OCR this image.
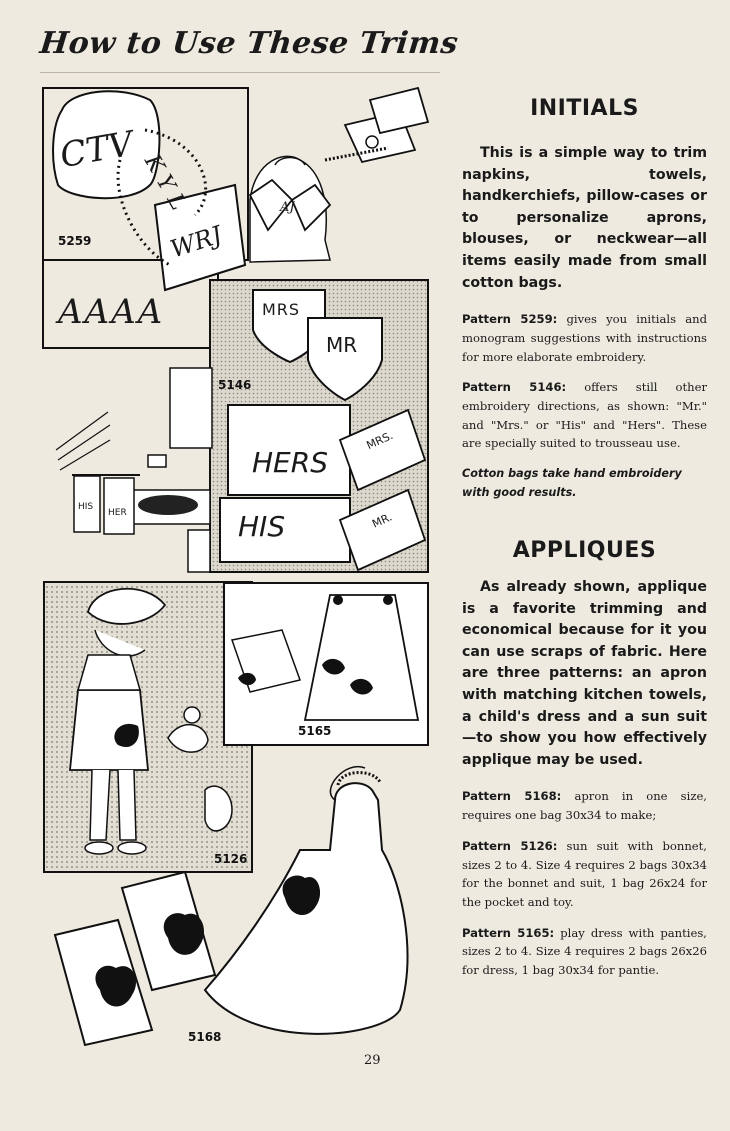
How to Use These Trims
CTV
K Y L
WRJ
AAAA
AJ
MRS
MR
HERS
HIS
MRS.
MR.
HIS
HER
5259
5146
5165
5126
5168
INITIALS

This is a simple way to trim napkins, towels, handkerchiefs, pillow-cases or to personalize aprons, blouses, or neckwear—all items easily made from small cotton bags.

Pattern 5259: gives you initials and monogram suggestions with instructions for more elaborate embroidery.

Pattern 5146: offers still other embroidery directions, as shown: "Mr." and "Mrs." or "His" and "Hers". These are specially suited to trousseau use.

Cotton bags take hand embroidery with good results.

APPLIQUES

As already shown, applique is a favorite trimming and economical because for it you can use scraps of fabric. Here are three patterns: an apron with matching kitchen towels, a child's dress and a sun suit—to show you how effectively applique may be used.

Pattern 5168: apron in one size, requires one bag 30x34 to make;

Pattern 5126: sun suit with bonnet, sizes 2 to 4. Size 4 requires 2 bags 30x34 for the bonnet and suit, 1 bag 26x24 for the pocket and toy.

Pattern 5165: play dress with panties, sizes 2 to 4. Size 4 requires 2 bags 26x26 for dress, 1 bag 30x34 for pantie.

29
